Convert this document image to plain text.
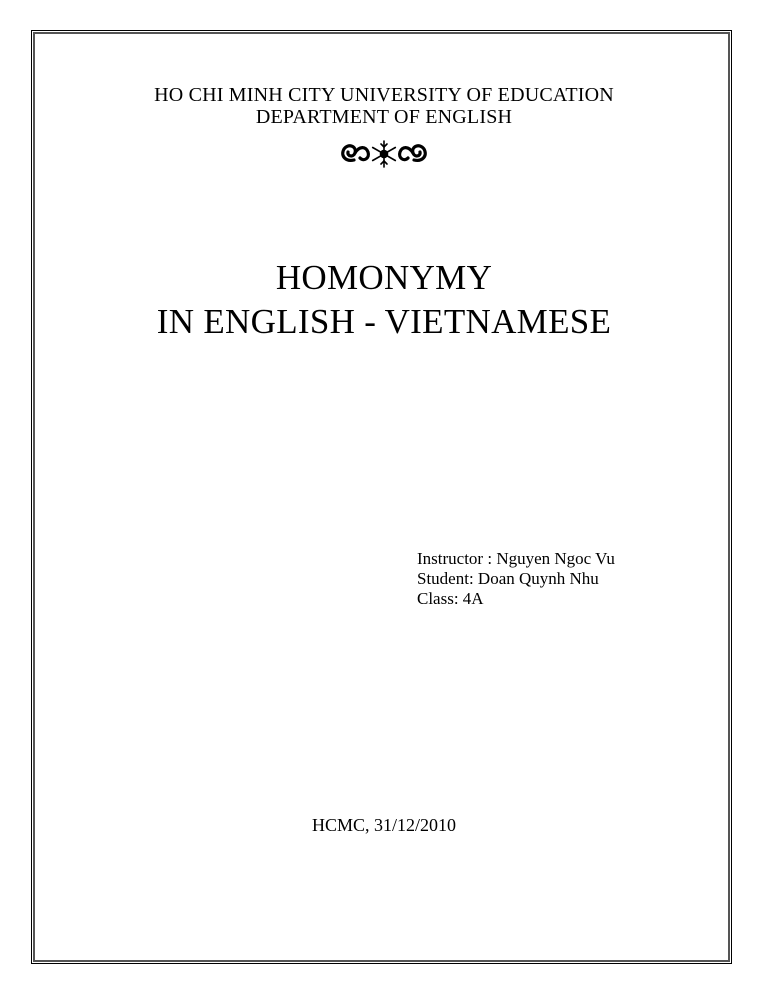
HO CHI MINH CITY UNIVERSITY OF EDUCATION
DEPARTMENT OF ENGLISH
HOMONYMY
IN ENGLISH - VIETNAMESE
Instructor : Nguyen Ngoc Vu
Student: Doan Quynh Nhu
Class: 4A
HCMC, 31/12/2010
